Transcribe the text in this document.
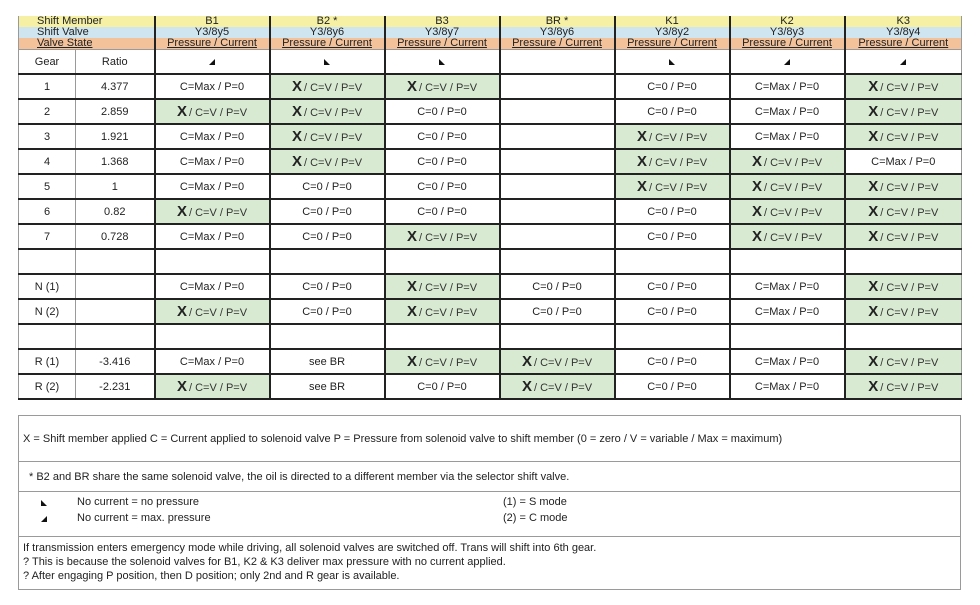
Shift Member		B1	B2 *	B3	BR *	K1	K2	K3
Shift Valve		Y3/8y5	Y3/8y6	Y3/8y7	Y3/8y6	Y3/8y2	Y3/8y3	Y3/8y4
Valve State		Pressure / Current	Pressure / Current	Pressure / Current	Pressure / Current	Pressure / Current	Pressure / Current	Pressure / Current
Gear	Ratio							
1	4.377	C=Max / P=0	X / C=V / P=V	X / C=V / P=V		C=0 / P=0	C=Max / P=0	X / C=V / P=V
2	2.859	X / C=V / P=V	X / C=V / P=V	C=0 / P=0		C=0 / P=0	C=Max / P=0	X / C=V / P=V
3	1.921	C=Max / P=0	X / C=V / P=V	C=0 / P=0		X / C=V / P=V	C=Max / P=0	X / C=V / P=V
4	1.368	C=Max / P=0	X / C=V / P=V	C=0 / P=0		X / C=V / P=V	X / C=V / P=V	C=Max / P=0
5	1	C=Max / P=0	C=0 / P=0	C=0 / P=0		X / C=V / P=V	X / C=V / P=V	X / C=V / P=V
6	0.82	X / C=V / P=V	C=0 / P=0	C=0 / P=0		C=0 / P=0	X / C=V / P=V	X / C=V / P=V
7	0.728	C=Max / P=0	C=0 / P=0	X / C=V / P=V		C=0 / P=0	X / C=V / P=V	X / C=V / P=V

N (1)		C=Max / P=0	C=0 / P=0	X / C=V / P=V	C=0 / P=0	C=0 / P=0	C=Max / P=0	X / C=V / P=V
N (2)		X / C=V / P=V	C=0 / P=0	X / C=V / P=V	C=0 / P=0	C=0 / P=0	C=Max / P=0	X / C=V / P=V

R (1)	-3.416	C=Max / P=0	see BR	X / C=V / P=V	X / C=V / P=V	C=0 / P=0	C=Max / P=0	X / C=V / P=V
R (2)	-2.231	X / C=V / P=V	see BR	C=0 / P=0	X / C=V / P=V	C=0 / P=0	C=Max / P=0	X / C=V / P=V
X = Shift member applied C = Current applied to solenoid valve P = Pressure from solenoid valve to shift member (0 = zero / V = variable / Max = maximum)
* B2 and BR share the same solenoid valve, the oil is directed to a different member via the selector shift valve.
No current = no pressure
No current = max. pressure
(1) = S mode
(2) = C mode
If transmission enters emergency mode while driving, all solenoid valves are switched off. Trans will shift into 6th gear.
? This is because the solenoid valves for B1, K2 & K3 deliver max pressure with no current applied.
? After engaging P position, then D position; only 2nd and R gear is available.
